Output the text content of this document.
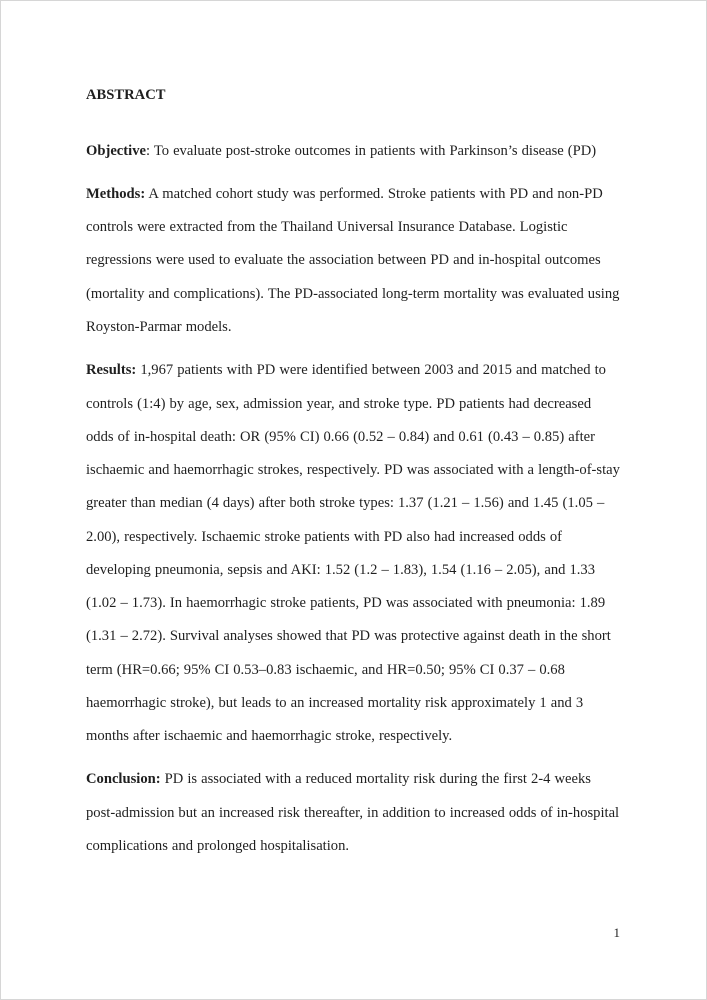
ABSTRACT

Objective: To evaluate post-stroke outcomes in patients with Parkinson’s disease (PD)

Methods: A matched cohort study was performed. Stroke patients with PD and non-PD controls were extracted from the Thailand Universal Insurance Database. Logistic regressions were used to evaluate the association between PD and in-hospital outcomes (mortality and complications). The PD-associated long-term mortality was evaluated using Royston-Parmar models.

Results: 1,967 patients with PD were identified between 2003 and 2015 and matched to controls (1:4) by age, sex, admission year, and stroke type. PD patients had decreased odds of in-hospital death: OR (95% CI) 0.66 (0.52 – 0.84) and 0.61 (0.43 – 0.85) after ischaemic and haemorrhagic strokes, respectively. PD was associated with a length-of-stay greater than median (4 days) after both stroke types: 1.37 (1.21 – 1.56) and 1.45 (1.05 – 2.00), respectively. Ischaemic stroke patients with PD also had increased odds of developing pneumonia, sepsis and AKI: 1.52 (1.2 – 1.83), 1.54 (1.16 – 2.05), and 1.33 (1.02 – 1.73). In haemorrhagic stroke patients, PD was associated with pneumonia: 1.89 (1.31 – 2.72). Survival analyses showed that PD was protective against death in the short term (HR=0.66; 95% CI 0.53–0.83 ischaemic, and HR=0.50; 95% CI 0.37 – 0.68 haemorrhagic stroke), but leads to an increased mortality risk approximately 1 and 3 months after ischaemic and haemorrhagic stroke, respectively.

Conclusion: PD is associated with a reduced mortality risk during the first 2-4 weeks post-admission but an increased risk thereafter, in addition to increased odds of in-hospital complications and prolonged hospitalisation.

1
